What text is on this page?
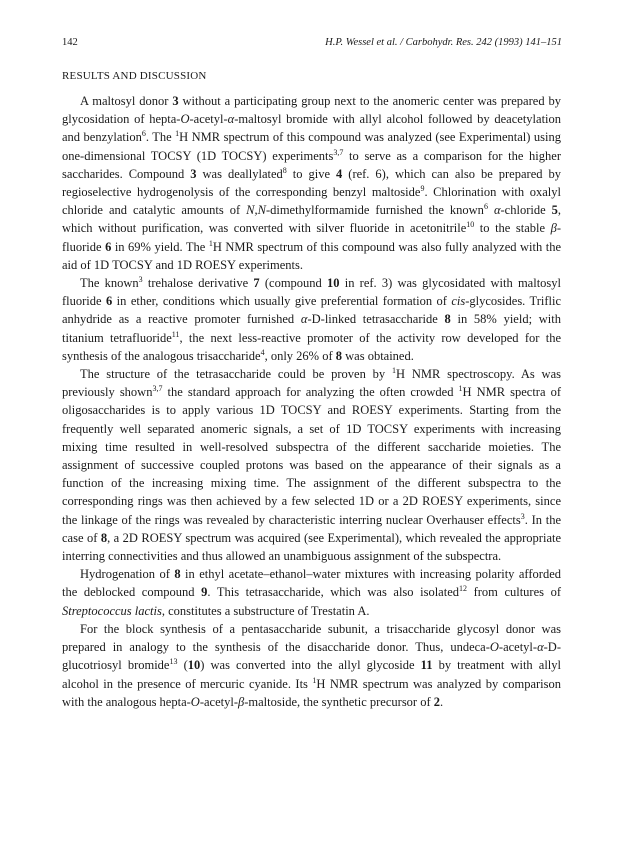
142	H.P. Wessel et al. / Carbohydr. Res. 242 (1993) 141–151
RESULTS AND DISCUSSION

A maltosyl donor 3 without a participating group next to the anomeric center was prepared by glycosidation of hepta-O-acetyl-α-maltosyl bromide with allyl alcohol followed by deacetylation and benzylation$^6$. The $^1$H NMR spectrum of this compound was analyzed (see Experimental) using one-dimensional TOCSY (1D TOCSY) experiments$^{3,7}$ to serve as a comparison for the higher saccharides. Compound 3 was deallylated$^8$ to give 4 (ref. 6), which can also be prepared by regioselective hydrogenolysis of the corresponding benzyl maltoside$^9$. Chlorination with oxalyl chloride and catalytic amounts of N,N-dimethylformamide furnished the known$^6$ α-chloride 5, which without purification, was converted with silver fluoride in acetonitrile$^{10}$ to the stable β-fluoride 6 in 69% yield. The $^1$H NMR spectrum of this compound was also fully analyzed with the aid of 1D TOCSY and 1D ROESY experiments.

The known$^3$ trehalose derivative 7 (compound 10 in ref. 3) was glycosidated with maltosyl fluoride 6 in ether, conditions which usually give preferential formation of cis-glycosides. Triflic anhydride as a reactive promoter furnished α-D-linked tetrasaccharide 8 in 58% yield; with titanium tetrafluoride$^{11}$, the next less-reactive promoter of the activity row developed for the synthesis of the analogous trisaccharide$^4$, only 26% of 8 was obtained.

The structure of the tetrasaccharide could be proven by $^1$H NMR spectroscopy. As was previously shown$^{3,7}$ the standard approach for analyzing the often crowded $^1$H NMR spectra of oligosaccharides is to apply various 1D TOCSY and ROESY experiments. Starting from the frequently well separated anomeric signals, a set of 1D TOCSY experiments with increasing mixing time resulted in well-resolved subspectra of the different saccharide moieties. The assignment of successive coupled protons was based on the appearance of their signals as a function of the increasing mixing time. The assignment of the different subspectra to the corresponding rings was then achieved by a few selected 1D or a 2D ROESY experiments, since the linkage of the rings was revealed by characteristic interring nuclear Overhauser effects$^3$. In the case of 8, a 2D ROESY spectrum was acquired (see Experimental), which revealed the appropriate interring connectivities and thus allowed an unambiguous assignment of the subspectra.

Hydrogenation of 8 in ethyl acetate–ethanol–water mixtures with increasing polarity afforded the deblocked compound 9. This tetrasaccharide, which was also isolated$^{12}$ from cultures of Streptococcus lactis, constitutes a substructure of Trestatin A.

For the block synthesis of a pentasaccharide subunit, a trisaccharide glycosyl donor was prepared in analogy to the synthesis of the disaccharide donor. Thus, undeca-O-acetyl-α-D-glucotriosyl bromide$^{13}$ (10) was converted into the allyl glycoside 11 by treatment with allyl alcohol in the presence of mercuric cyanide. Its $^1$H NMR spectrum was analyzed by comparison with the analogous hepta-O-acetyl-β-maltoside, the synthetic precursor of 2.
